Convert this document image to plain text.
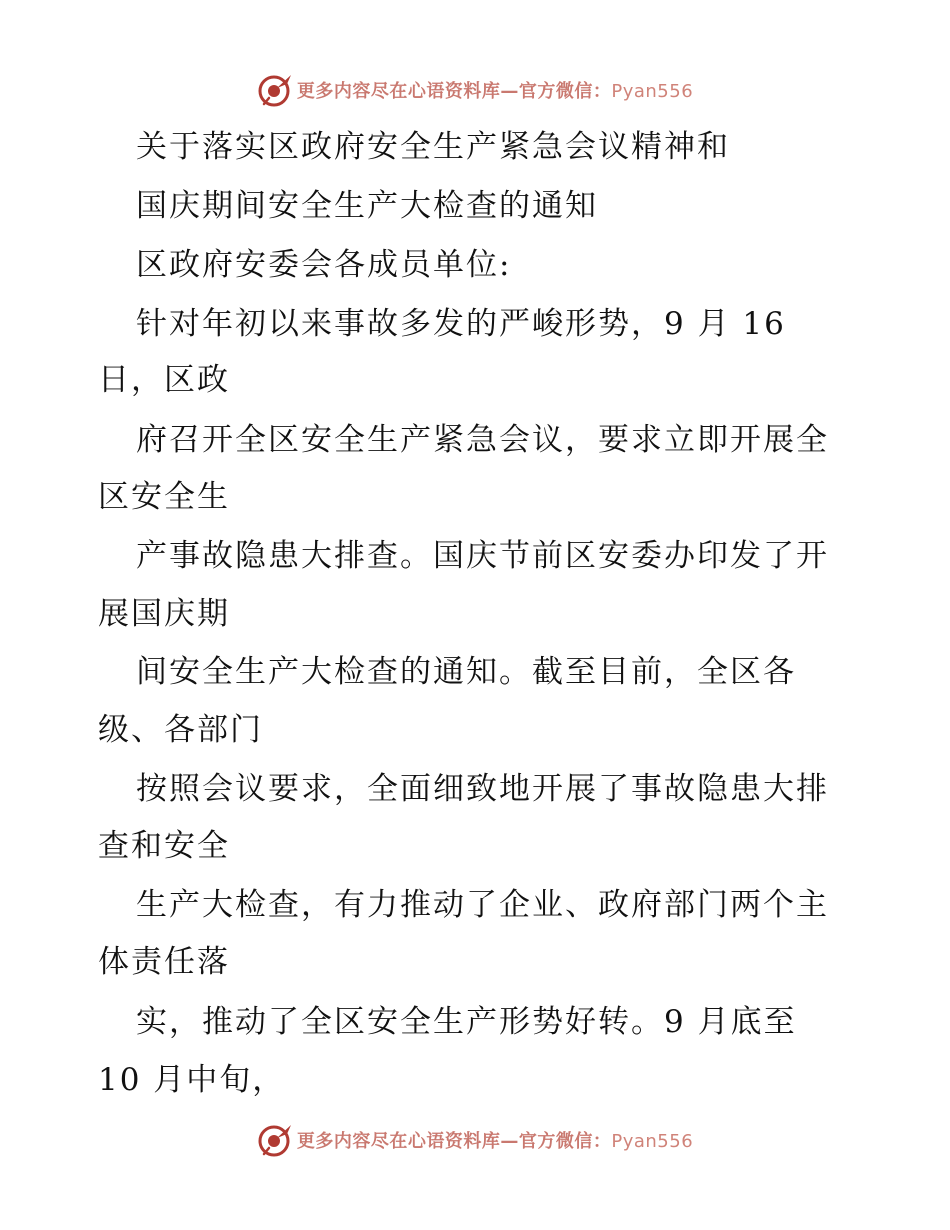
更多内容尽在心语资料库—官方微信：Pyan556
关于落实区政府安全生产紧急会议精神和
国庆期间安全生产大检查的通知
区政府安委会各成员单位:
针对年初以来事故多发的严峻形势，9 月 16
日，区政
府召开全区安全生产紧急会议，要求立即开展全
区安全生
产事故隐患大排查。国庆节前区安委办印发了开
展国庆期
间安全生产大检查的通知。截至目前，全区各
级、各部门
按照会议要求，全面细致地开展了事故隐患大排
查和安全
生产大检查，有力推动了企业、政府部门两个主
体责任落
实，推动了全区安全生产形势好转。9 月底至
10 月中旬，
更多内容尽在心语资料库—官方微信：Pyan556
